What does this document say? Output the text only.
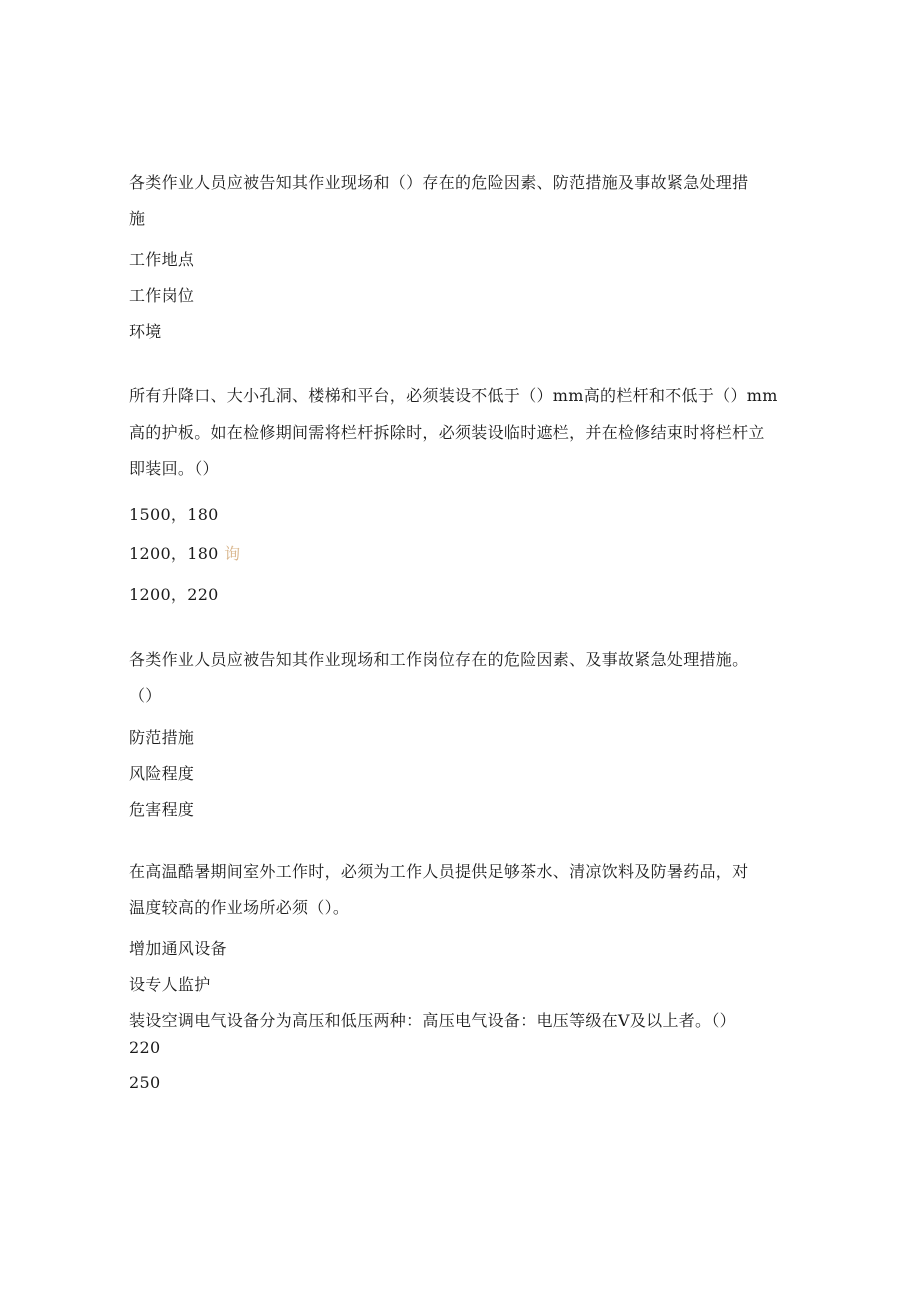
各类作业人员应被告知其作业现场和（）存在的危险因素、防范措施及事故紧急处理措
施
工作地点
工作岗位
环境
所有升降口、大小孔洞、楼梯和平台，必须装设不低于（）mm高的栏杆和不低于（）mm
高的护板。如在检修期间需将栏杆拆除时，必须装设临时遮栏，并在检修结束时将栏杆立
即装回。（）
1500，180
1200，180 询
1200，220
各类作业人员应被告知其作业现场和工作岗位存在的危险因素、及事故紧急处理措施。
（）
防范措施
风险程度
危害程度
在高温酷暑期间室外工作时，必须为工作人员提供足够茶水、清凉饮料及防暑药品，对
温度较高的作业场所必须（）。
增加通风设备
设专人监护
装设空调电气设备分为高压和低压两种：高压电气设备：电压等级在V及以上者。（）
220
250
